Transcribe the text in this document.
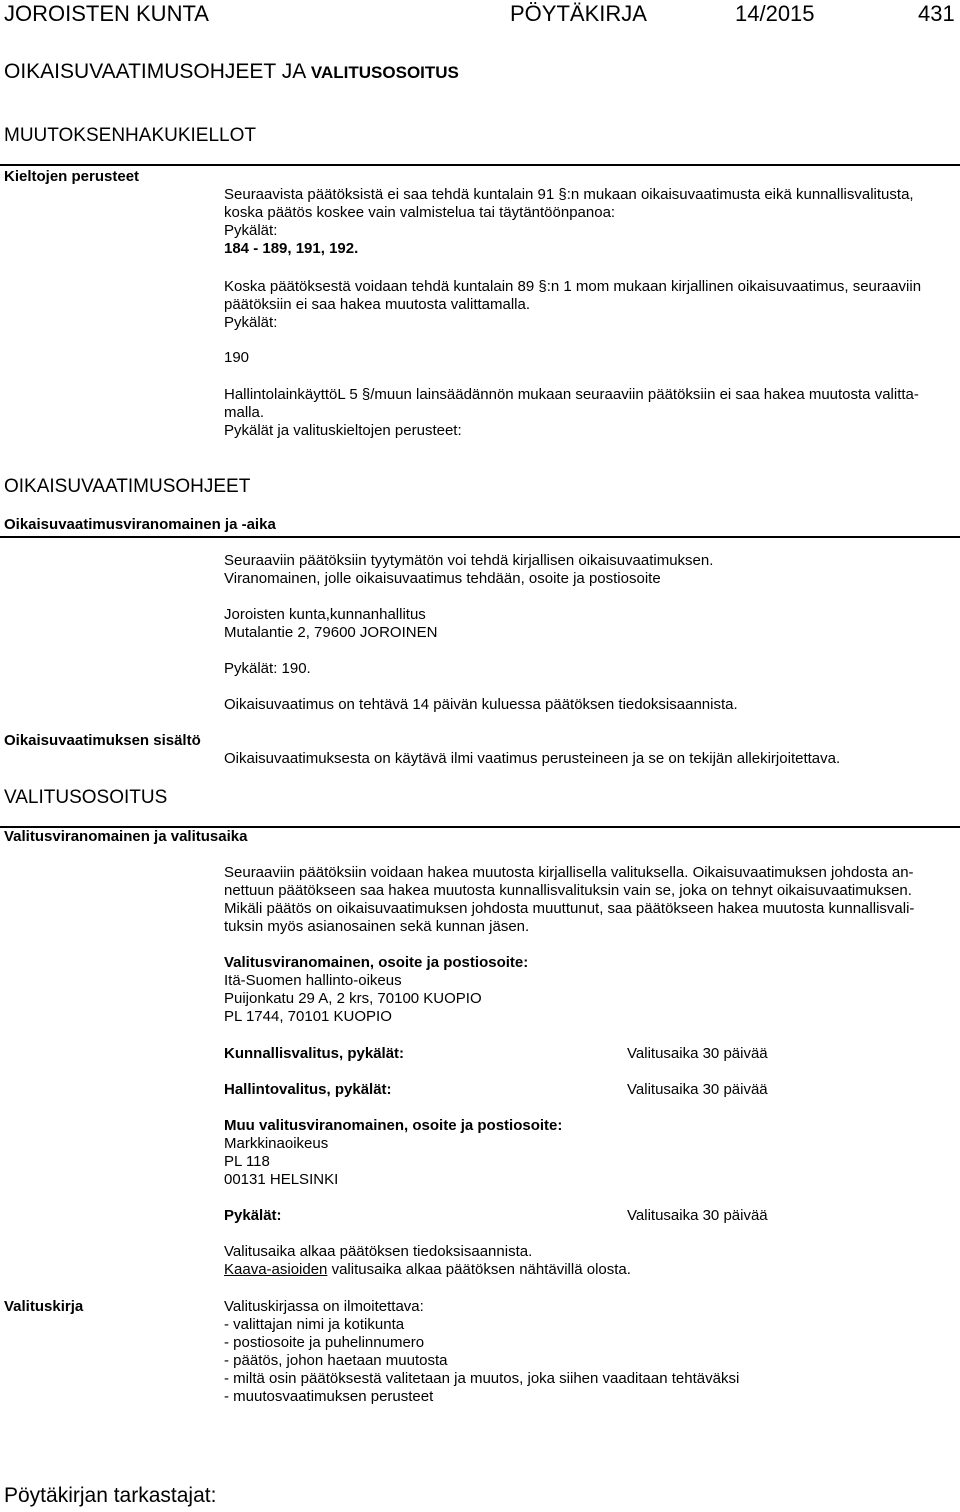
JOROISTEN KUNTA	PÖYTÄKIRJA	14/2015	431
OIKAISUVAATIMUSOHJEET JA VALITUSOSOITUS
MUUTOKSENHAKUKIELLOT
Kieltojen perusteet
Seuraavista päätöksistä ei saa tehdä kuntalain 91 §:n mukaan oikaisuvaatimusta eikä kunnallisvalitusta,
koska päätös koskee vain valmistelua tai täytäntöönpanoa:
Pykälät:
184 - 189, 191, 192.
Koska päätöksestä voidaan tehdä kuntalain 89 §:n 1 mom mukaan kirjallinen oikaisuvaatimus, seuraaviin
päätöksiin ei saa hakea muutosta valittamalla.
Pykälät:
190
HallintolainkäyttöL 5 §/muun lainsäädännön mukaan seuraaviin päätöksiin ei saa hakea muutosta valitta-
malla.
Pykälät ja valituskieltojen perusteet:
OIKAISUVAATIMUSOHJEET
Oikaisuvaatimusviranomainen ja -aika
Seuraaviin päätöksiin tyytymätön voi tehdä kirjallisen oikaisuvaatimuksen.
Viranomainen, jolle oikaisuvaatimus tehdään, osoite ja postiosoite
Joroisten kunta,kunnanhallitus
Mutalantie 2, 79600 JOROINEN
Pykälät: 190.
Oikaisuvaatimus on tehtävä 14 päivän kuluessa päätöksen tiedoksisaannista.
Oikaisuvaatimuksen sisältö
Oikaisuvaatimuksesta on käytävä ilmi vaatimus perusteineen ja se on tekijän allekirjoitettava.
VALITUSOSOITUS
Valitusviranomainen ja valitusaika
Seuraaviin päätöksiin voidaan hakea muutosta kirjallisella valituksella. Oikaisuvaatimuksen johdosta an-
nettuun päätökseen saa hakea muutosta kunnallisvalituksin vain se, joka on tehnyt oikaisuvaatimuksen.
Mikäli päätös on oikaisuvaatimuksen johdosta muuttunut, saa päätökseen hakea muutosta kunnallisvali-
tuksin myös asianosainen sekä kunnan jäsen.
Valitusviranomainen, osoite ja postiosoite:
Itä-Suomen hallinto-oikeus
Puijonkatu 29 A, 2 krs, 70100 KUOPIO
PL 1744, 70101 KUOPIO
Kunnallisvalitus, pykälät:	Valitusaika 30 päivää
Hallintovalitus, pykälät:	Valitusaika 30 päivää
Muu valitusviranomainen, osoite ja postiosoite:
Markkinaoikeus
PL 118
00131 HELSINKI
Pykälät:	Valitusaika 30 päivää
Valitusaika alkaa päätöksen tiedoksisaannista.
Kaava-asioiden valitusaika alkaa päätöksen nähtävillä olosta.
Valituskirja	Valituskirjassa on ilmoitettava:
- valittajan nimi ja kotikunta
- postiosoite ja puhelinnumero
- päätös, johon haetaan muutosta
- miltä osin päätöksestä valitetaan ja muutos, joka siihen vaaditaan tehtäväksi
- muutosvaatimuksen perusteet
Pöytäkirjan tarkastajat:
